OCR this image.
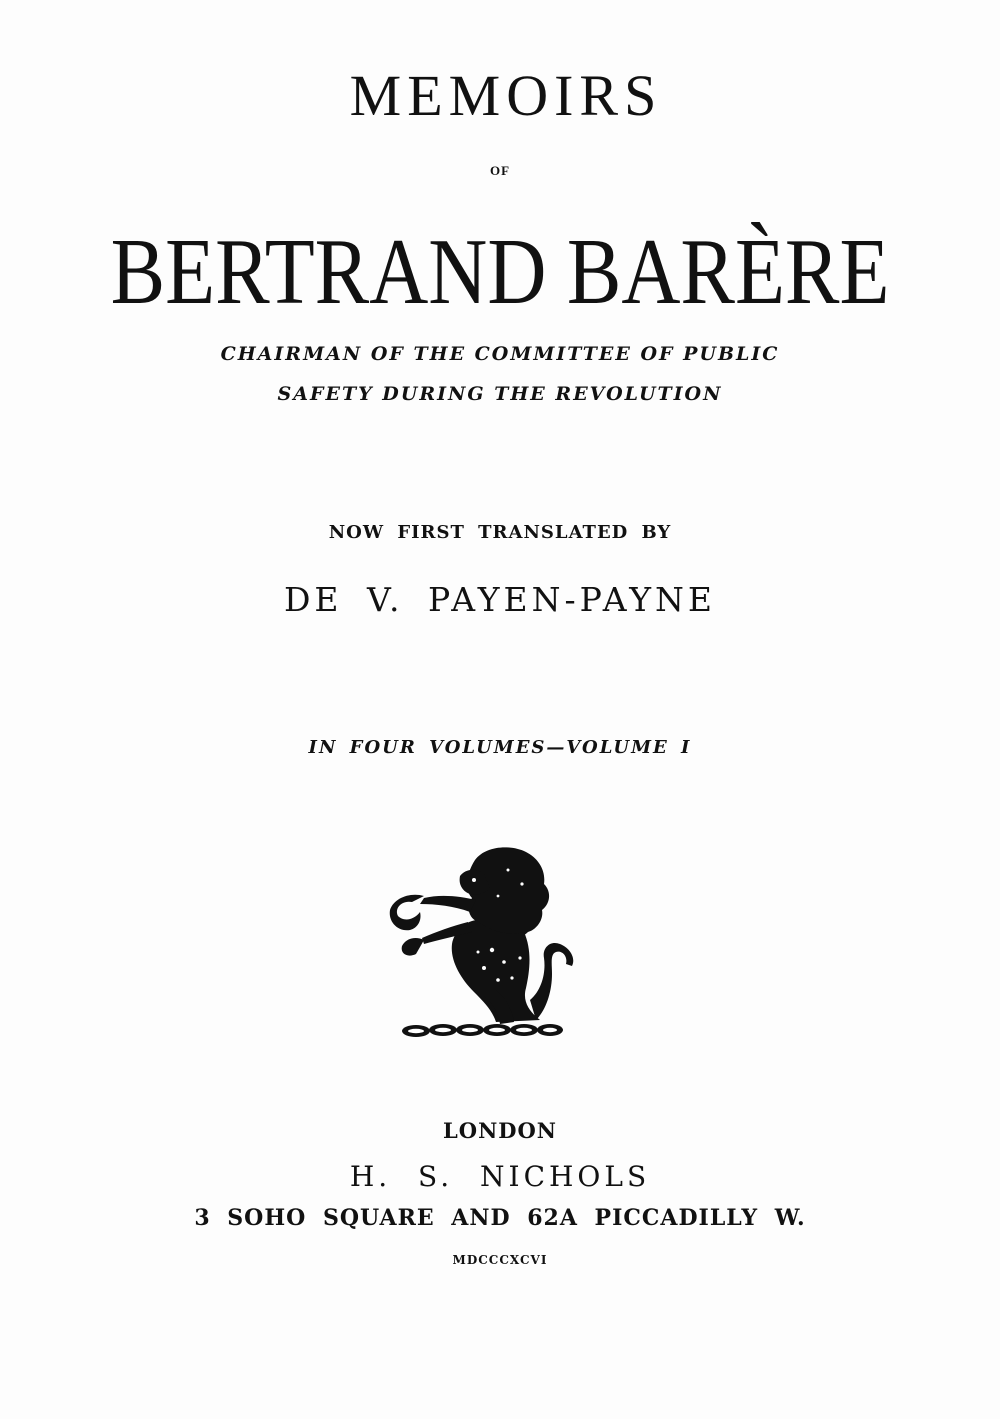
MEMOIRS
OF
BERTRAND BARÈRE
CHAIRMAN OF THE COMMITTEE OF PUBLIC
SAFETY DURING THE REVOLUTION
NOW FIRST TRANSLATED BY
DE V. PAYEN-PAYNE
IN FOUR VOLUMES—VOLUME I
LONDON
H. S. NICHOLS
3 SOHO SQUARE AND 62A PICCADILLY W.
MDCCCXCVI
